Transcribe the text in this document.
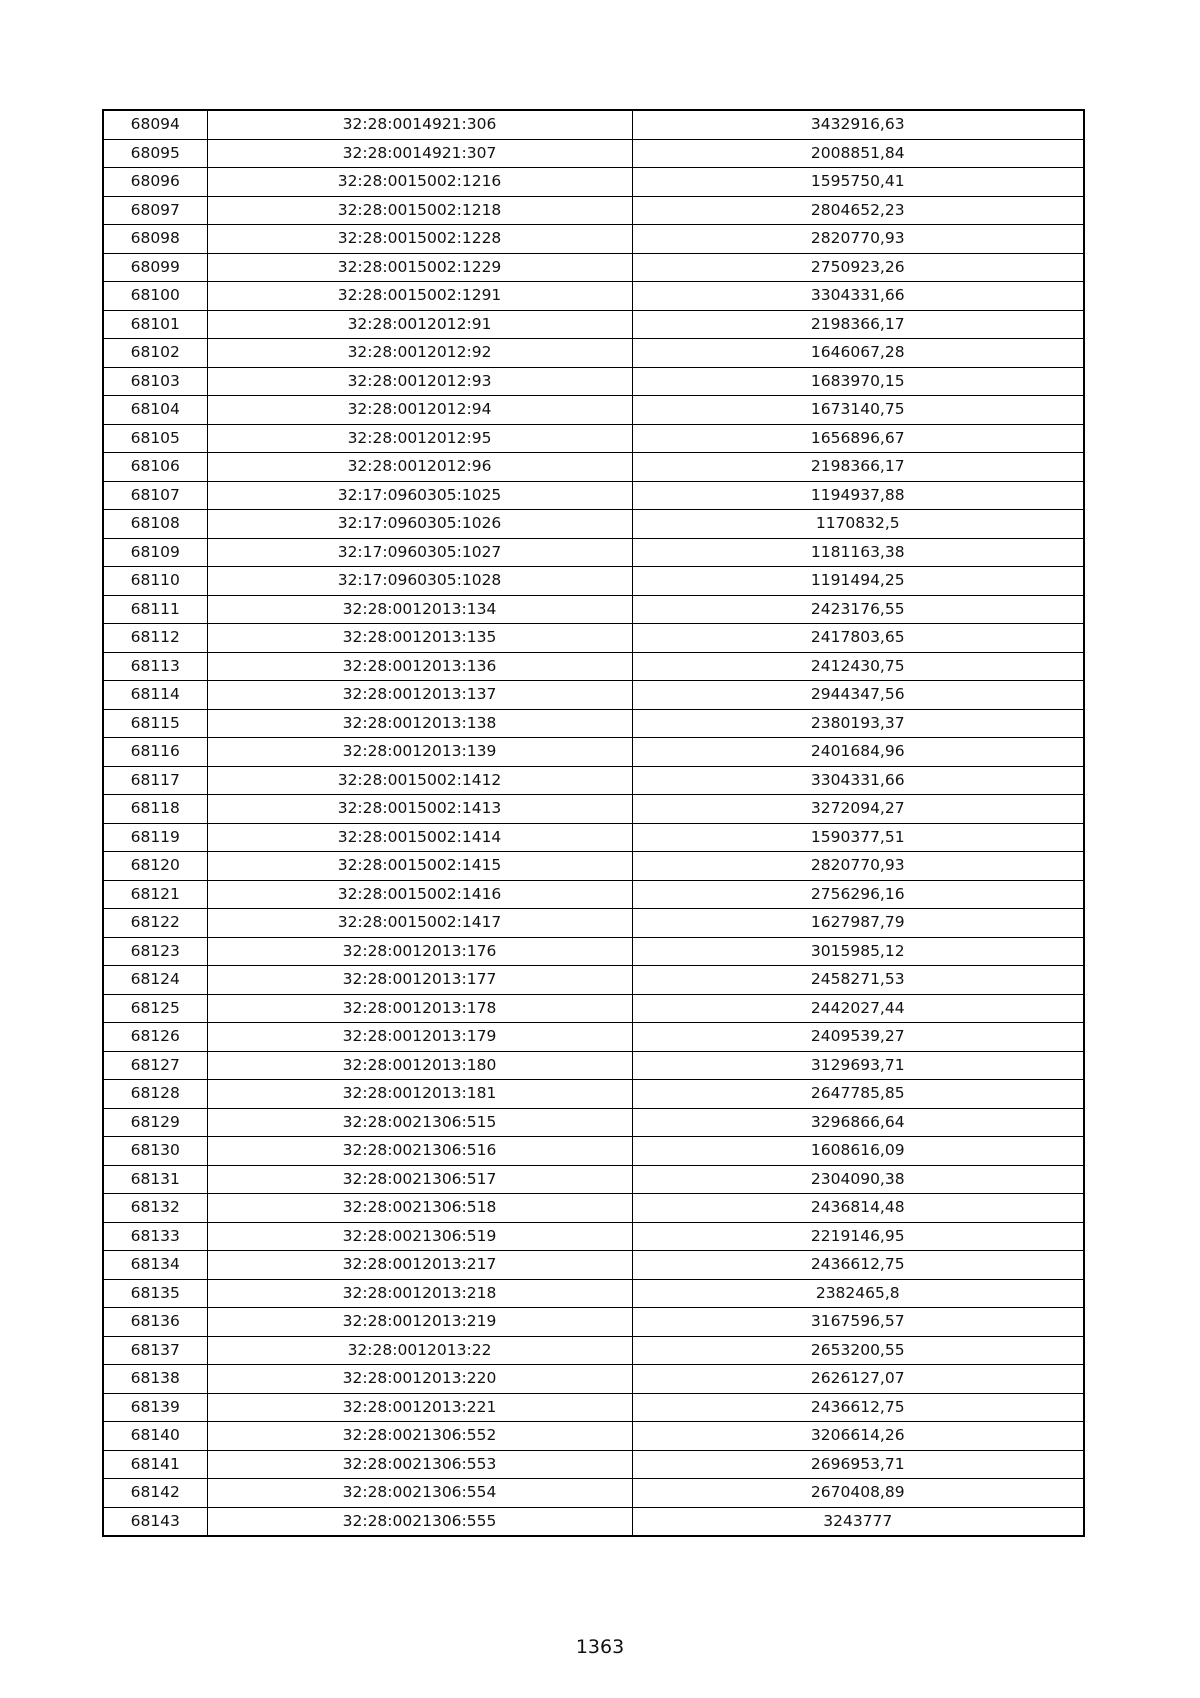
68094	32:28:0014921:306	3432916,63
68095	32:28:0014921:307	2008851,84
68096	32:28:0015002:1216	1595750,41
68097	32:28:0015002:1218	2804652,23
68098	32:28:0015002:1228	2820770,93
68099	32:28:0015002:1229	2750923,26
68100	32:28:0015002:1291	3304331,66
68101	32:28:0012012:91	2198366,17
68102	32:28:0012012:92	1646067,28
68103	32:28:0012012:93	1683970,15
68104	32:28:0012012:94	1673140,75
68105	32:28:0012012:95	1656896,67
68106	32:28:0012012:96	2198366,17
68107	32:17:0960305:1025	1194937,88
68108	32:17:0960305:1026	1170832,5
68109	32:17:0960305:1027	1181163,38
68110	32:17:0960305:1028	1191494,25
68111	32:28:0012013:134	2423176,55
68112	32:28:0012013:135	2417803,65
68113	32:28:0012013:136	2412430,75
68114	32:28:0012013:137	2944347,56
68115	32:28:0012013:138	2380193,37
68116	32:28:0012013:139	2401684,96
68117	32:28:0015002:1412	3304331,66
68118	32:28:0015002:1413	3272094,27
68119	32:28:0015002:1414	1590377,51
68120	32:28:0015002:1415	2820770,93
68121	32:28:0015002:1416	2756296,16
68122	32:28:0015002:1417	1627987,79
68123	32:28:0012013:176	3015985,12
68124	32:28:0012013:177	2458271,53
68125	32:28:0012013:178	2442027,44
68126	32:28:0012013:179	2409539,27
68127	32:28:0012013:180	3129693,71
68128	32:28:0012013:181	2647785,85
68129	32:28:0021306:515	3296866,64
68130	32:28:0021306:516	1608616,09
68131	32:28:0021306:517	2304090,38
68132	32:28:0021306:518	2436814,48
68133	32:28:0021306:519	2219146,95
68134	32:28:0012013:217	2436612,75
68135	32:28:0012013:218	2382465,8
68136	32:28:0012013:219	3167596,57
68137	32:28:0012013:22	2653200,55
68138	32:28:0012013:220	2626127,07
68139	32:28:0012013:221	2436612,75
68140	32:28:0021306:552	3206614,26
68141	32:28:0021306:553	2696953,71
68142	32:28:0021306:554	2670408,89
68143	32:28:0021306:555	3243777
1363
